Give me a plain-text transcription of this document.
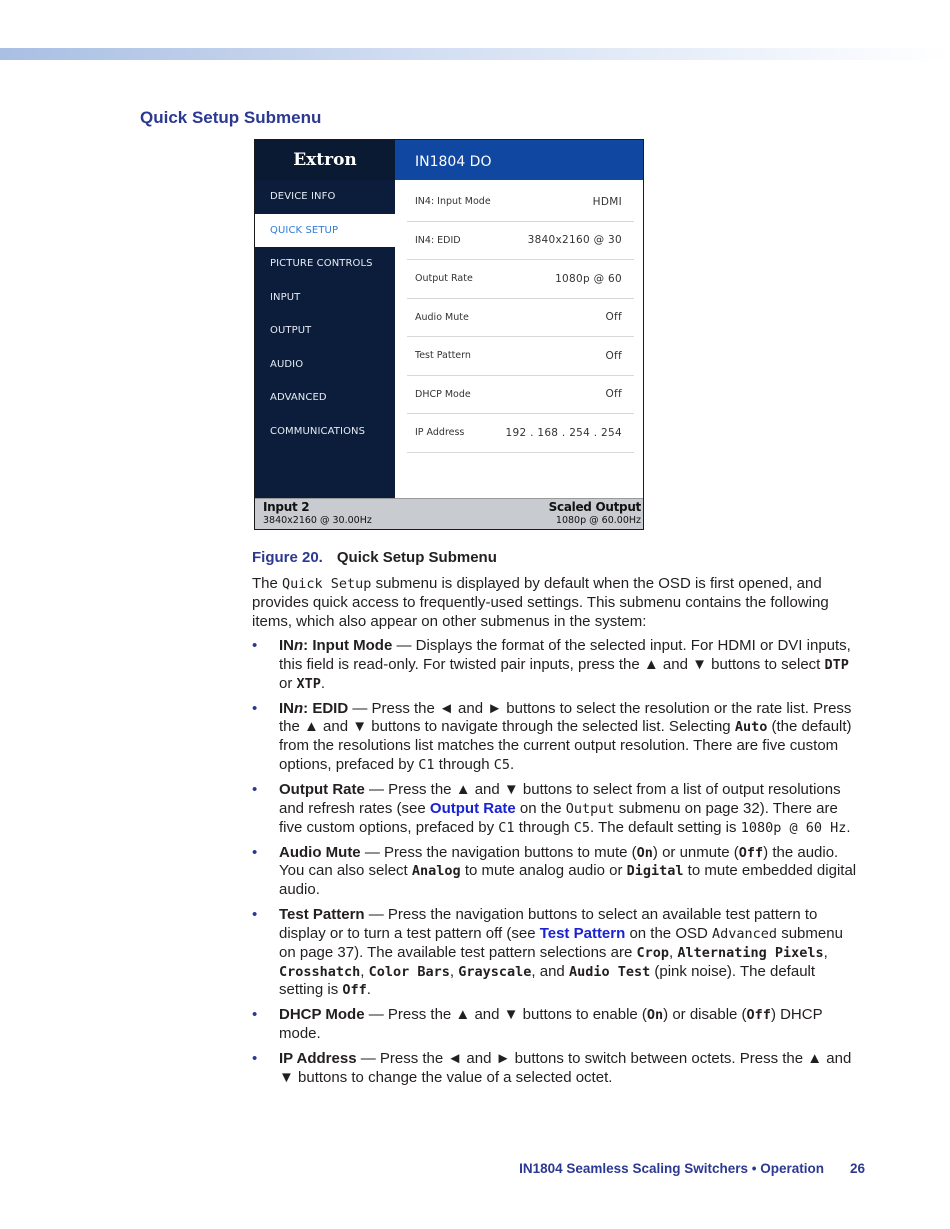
Quick Setup Submenu
Extron
DEVICE INFO
QUICK SETUP
PICTURE CONTROLS
INPUT
OUTPUT
AUDIO
ADVANCED
COMMUNICATIONS
IN1804 DO
IN4: Input Mode	HDMI
IN4: EDID	3840x2160 @ 30
Output Rate	1080p @ 60
Audio Mute	Off
Test Pattern	Off
DHCP Mode	Off
IP Address	192 . 168 . 254 . 254
Input 2
3840x2160 @ 30.00Hz
Scaled Output
1080p @ 60.00Hz

Figure 20. Quick Setup Submenu

The Quick Setup submenu is displayed by default when the OSD is first opened, and provides quick access to frequently-used settings. This submenu contains the following items, which also appear on other submenus in the system:

• INn: Input Mode — Displays the format of the selected input. For HDMI or DVI inputs, this field is read-only. For twisted pair inputs, press the ▲ and ▼ buttons to select DTP or XTP.
• INn: EDID — Press the ◄ and ► buttons to select the resolution or the rate list. Press the ▲ and ▼ buttons to navigate through the selected list. Selecting Auto (the default) from the resolutions list matches the current output resolution. There are five custom options, prefaced by C1 through C5.
• Output Rate — Press the ▲ and ▼ buttons to select from a list of output resolutions and refresh rates (see Output Rate on the Output submenu on page 32). There are five custom options, prefaced by C1 through C5. The default setting is 1080p @ 60 Hz.
• Audio Mute — Press the navigation buttons to mute (On) or unmute (Off) the audio. You can also select Analog to mute analog audio or Digital to mute embedded digital audio.
• Test Pattern — Press the navigation buttons to select an available test pattern to display or to turn a test pattern off (see Test Pattern on the OSD Advanced submenu on page 37). The available test pattern selections are Crop, Alternating Pixels, Crosshatch, Color Bars, Grayscale, and Audio Test (pink noise). The default setting is Off.
• DHCP Mode — Press the ▲ and ▼ buttons to enable (On) or disable (Off) DHCP mode.
• IP Address — Press the ◄ and ► buttons to switch between octets. Press the ▲ and ▼ buttons to change the value of a selected octet.
IN1804 Seamless Scaling Switchers • Operation 26
